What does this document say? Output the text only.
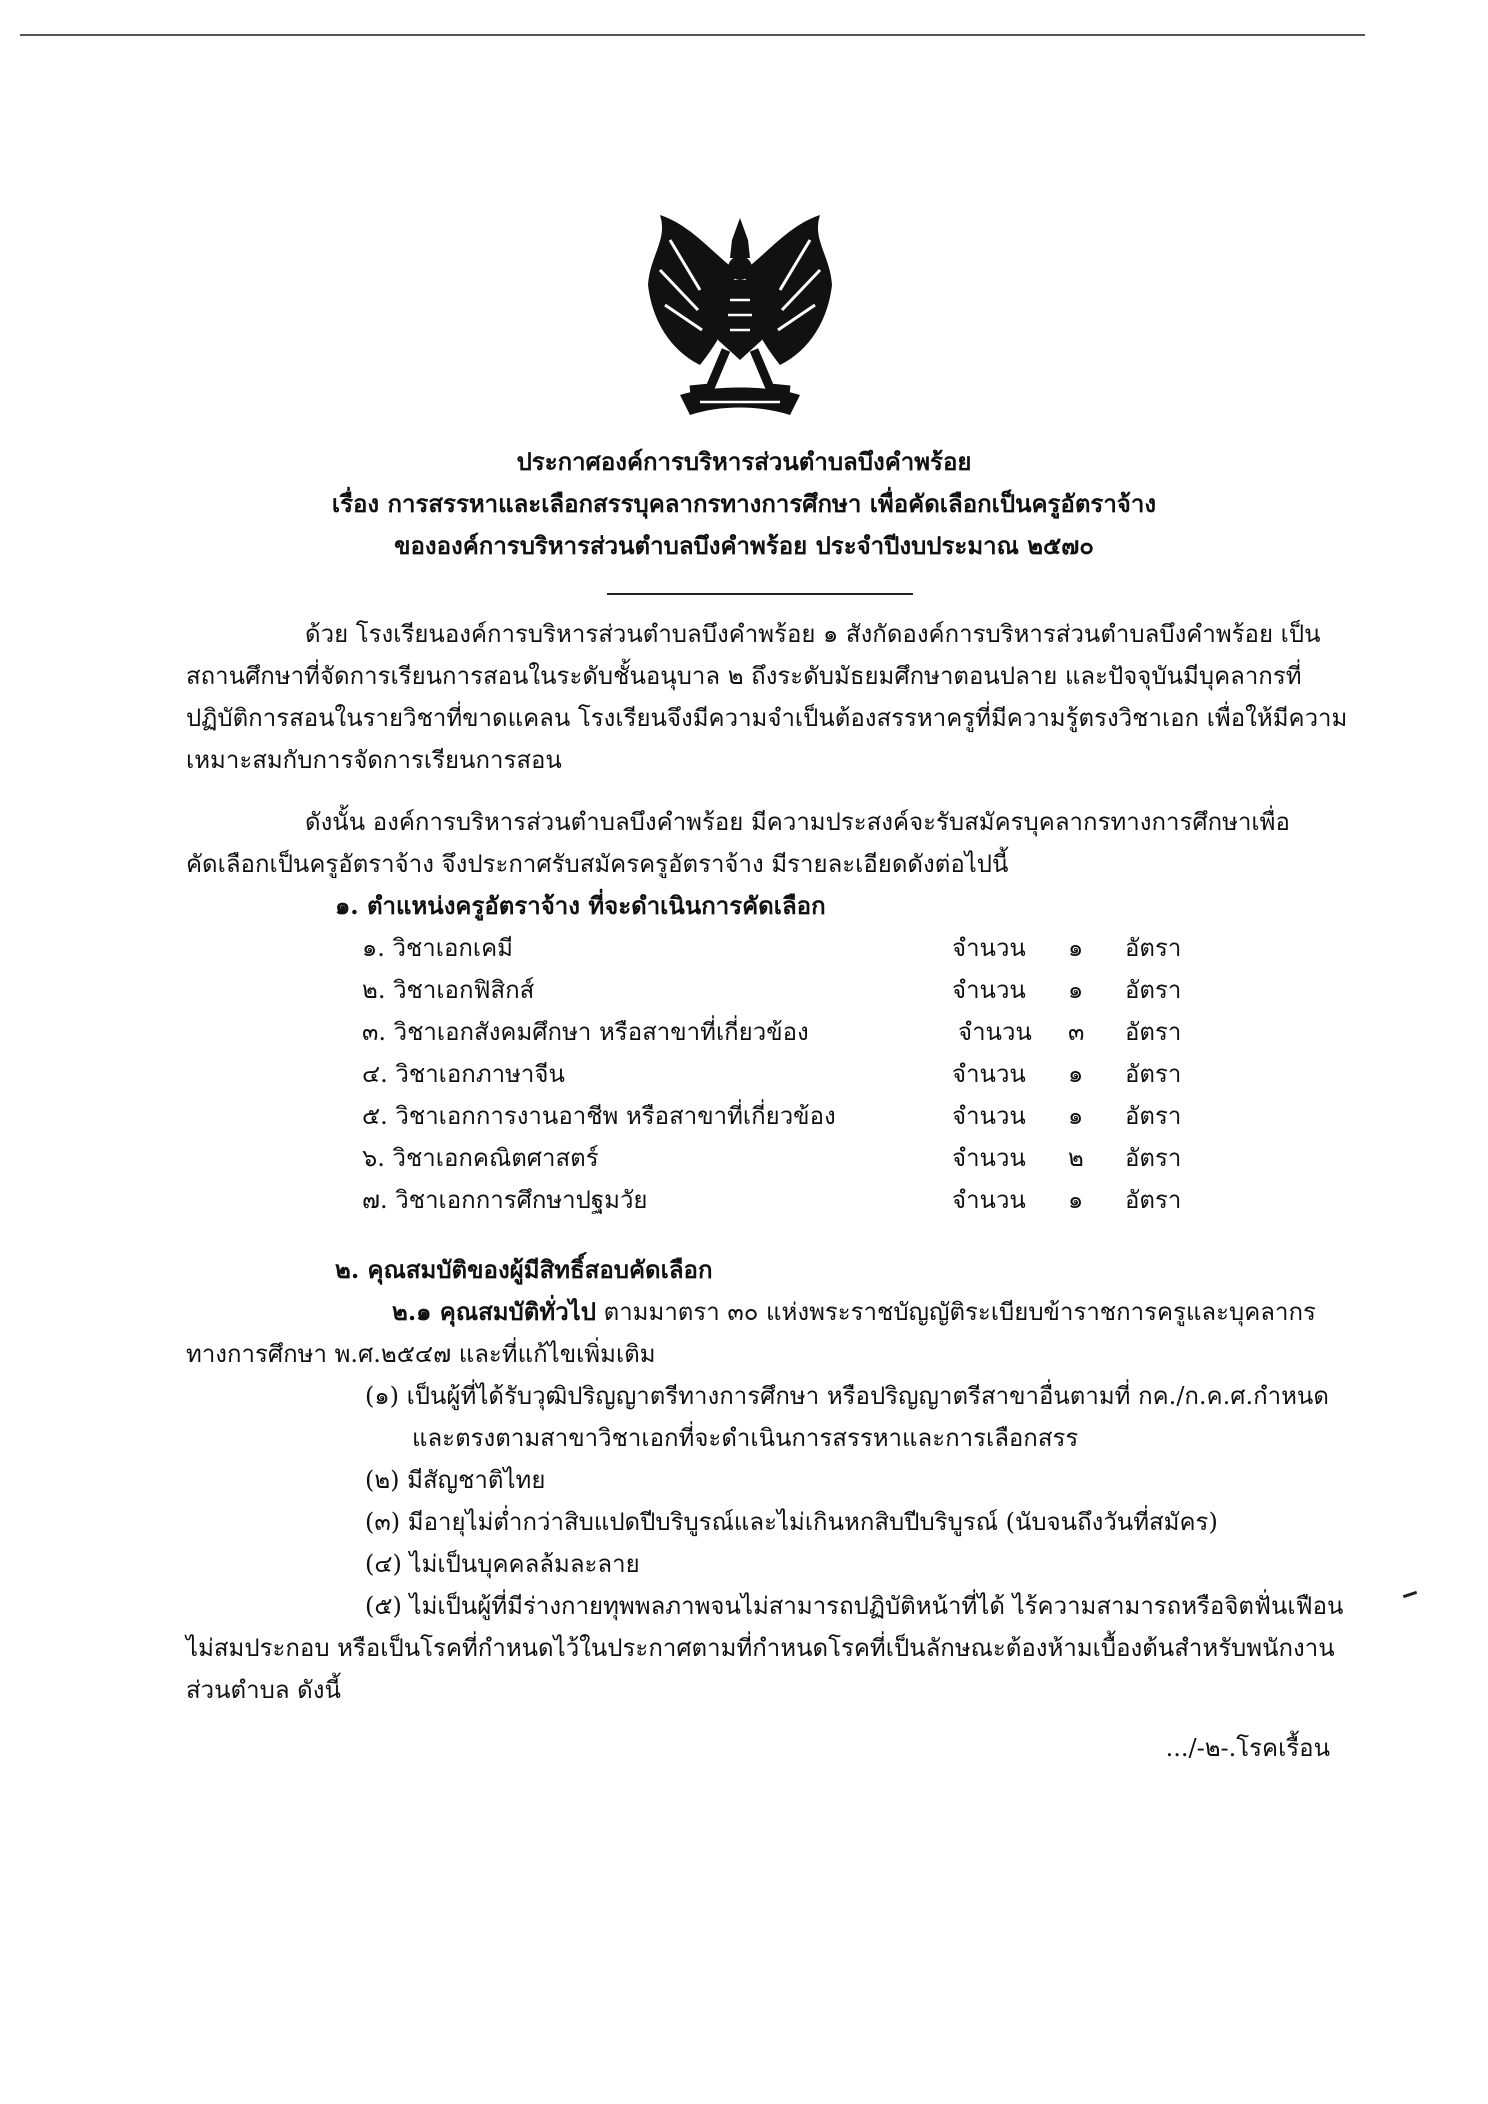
ประกาศองค์การบริหารส่วนตำบลบึงคำพร้อย
เรื่อง การสรรหาและเลือกสรรบุคลากรทางการศึกษา เพื่อคัดเลือกเป็นครูอัตราจ้าง
ขององค์การบริหารส่วนตำบลบึงคำพร้อย ประจำปีงบประมาณ ๒๕๗๐
ด้วย โรงเรียนองค์การบริหารส่วนตำบลบึงคำพร้อย ๑ สังกัดองค์การบริหารส่วนตำบลบึงคำพร้อย เป็น
สถานศึกษาที่จัดการเรียนการสอนในระดับชั้นอนุบาล ๒ ถึงระดับมัธยมศึกษาตอนปลาย และปัจจุบันมีบุคลากรที่
ปฏิบัติการสอนในรายวิชาที่ขาดแคลน โรงเรียนจึงมีความจำเป็นต้องสรรหาครูที่มีความรู้ตรงวิชาเอก เพื่อให้มีความ
เหมาะสมกับการจัดการเรียนการสอน
ดังนั้น องค์การบริหารส่วนตำบลบึงคำพร้อย มีความประสงค์จะรับสมัครบุคลากรทางการศึกษาเพื่อ
คัดเลือกเป็นครูอัตราจ้าง จึงประกาศรับสมัครครูอัตราจ้าง มีรายละเอียดดังต่อไปนี้
๑. ตำแหน่งครูอัตราจ้าง ที่จะดำเนินการคัดเลือก
๑. วิชาเอกเคมี	จำนวน ๑ อัตรา
๒. วิชาเอกฟิสิกส์	จำนวน ๑ อัตรา
๓. วิชาเอกสังคมศึกษา หรือสาขาที่เกี่ยวข้อง	จำนวน ๓ อัตรา
๔. วิชาเอกภาษาจีน	จำนวน ๑ อัตรา
๕. วิชาเอกการงานอาชีพ หรือสาขาที่เกี่ยวข้อง	จำนวน ๑ อัตรา
๖. วิชาเอกคณิตศาสตร์	จำนวน ๒ อัตรา
๗. วิชาเอกการศึกษาปฐมวัย	จำนวน ๑ อัตรา
๒. คุณสมบัติของผู้มีสิทธิ์สอบคัดเลือก
๒.๑ คุณสมบัติทั่วไป ตามมาตรา ๓๐ แห่งพระราชบัญญัติระเบียบข้าราชการครูและบุคลากร
ทางการศึกษา พ.ศ.๒๕๔๗ และที่แก้ไขเพิ่มเติม
(๑) เป็นผู้ที่ได้รับวุฒิปริญญาตรีทางการศึกษา หรือปริญญาตรีสาขาอื่นตามที่ กค./ก.ค.ศ.กำหนด
และตรงตามสาขาวิชาเอกที่จะดำเนินการสรรหาและการเลือกสรร
(๒) มีสัญชาติไทย
(๓) มีอายุไม่ต่ำกว่าสิบแปดปีบริบูรณ์และไม่เกินหกสิบปีบริบูรณ์ (นับจนถึงวันที่สมัคร)
(๔) ไม่เป็นบุคคลล้มละลาย
(๕) ไม่เป็นผู้ที่มีร่างกายทุพพลภาพจนไม่สามารถปฏิบัติหน้าที่ได้ ไร้ความสามารถหรือจิตฟั่นเฟือน
ไม่สมประกอบ หรือเป็นโรคที่กำหนดไว้ในประกาศตามที่กำหนดโรคที่เป็นลักษณะต้องห้ามเบื้องต้นสำหรับพนักงาน
ส่วนตำบล ดังนี้
.../-๒-.โรคเรื้อน
